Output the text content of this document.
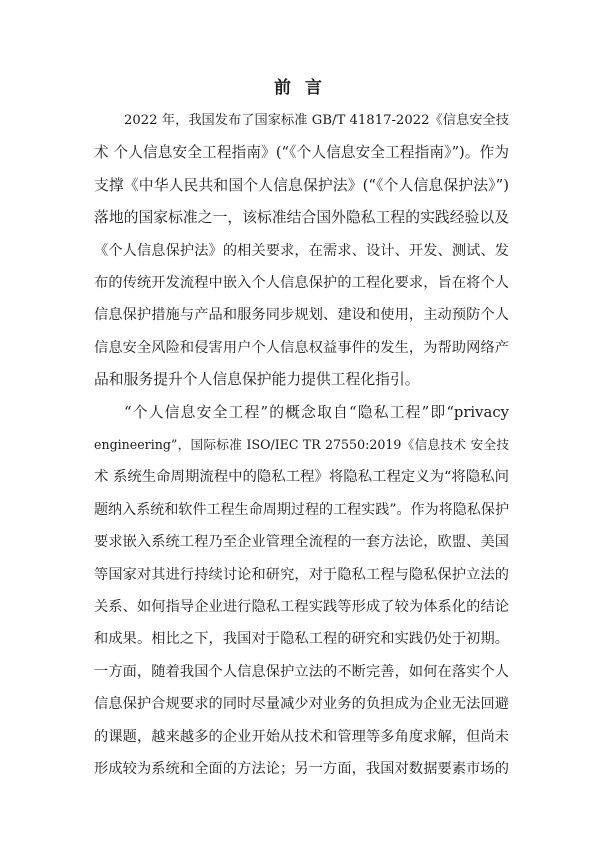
前 言
2022 年，我国发布了国家标准 GB/T 41817-2022《信息安全技
术 个人信息安全工程指南》(“《个人信息安全工程指南》”)。作为
支撑《中华人民共和国个人信息保护法》(“《个人信息保护法》”)
落地的国家标准之一，该标准结合国外隐私工程的实践经验以及
《个人信息保护法》的相关要求，在需求、设计、开发、测试、发
布的传统开发流程中嵌入个人信息保护的工程化要求，旨在将个人
信息保护措施与产品和服务同步规划、建设和使用，主动预防个人
信息安全风险和侵害用户个人信息权益事件的发生，为帮助网络产
品和服务提升个人信息保护能力提供工程化指引。
“个人信息安全工程”的概念取自“隐私工程”即“privacy
engineering”，国际标准 ISO/IEC TR 27550:2019《信息技术 安全技
术 系统生命周期流程中的隐私工程》将隐私工程定义为“将隐私问
题纳入系统和软件工程生命周期过程的工程实践”。作为将隐私保护
要求嵌入系统工程乃至企业管理全流程的一套方法论，欧盟、美国
等国家对其进行持续讨论和研究，对于隐私工程与隐私保护立法的
关系、如何指导企业进行隐私工程实践等形成了较为体系化的结论
和成果。相比之下，我国对于隐私工程的研究和实践仍处于初期。
一方面，随着我国个人信息保护立法的不断完善，如何在落实个人
信息保护合规要求的同时尽量减少对业务的负担成为企业无法回避
的课题，越来越多的企业开始从技术和管理等多角度求解，但尚未
形成较为系统和全面的方法论；另一方面，我国对数据要素市场的
